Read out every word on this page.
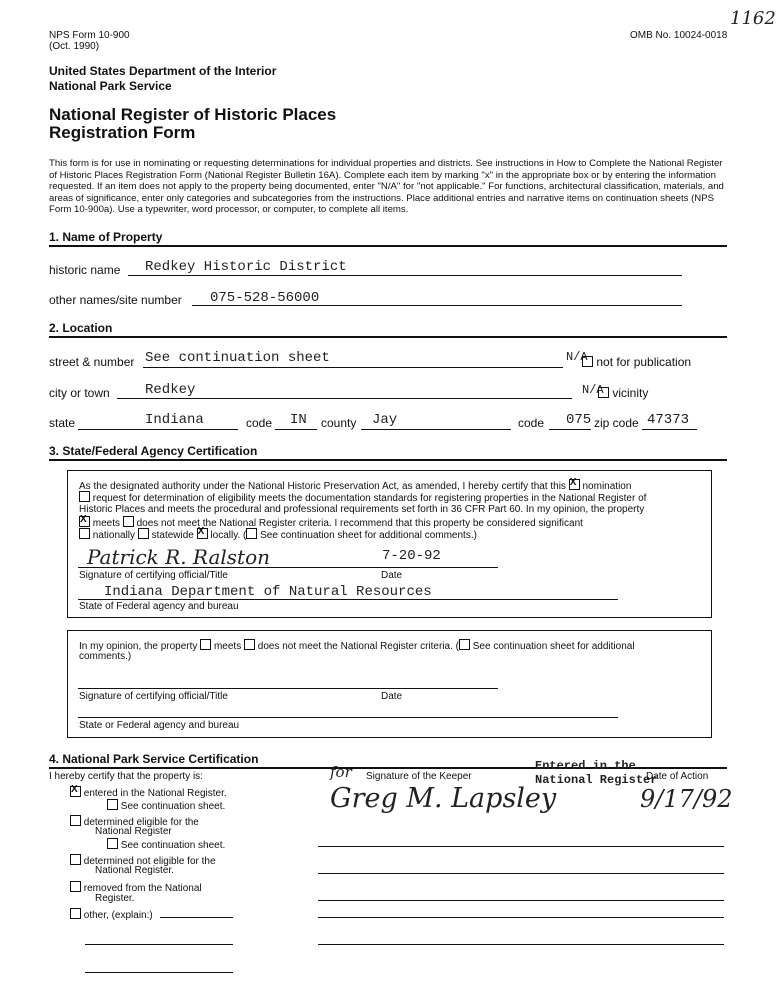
NPS Form 10-900
(Oct. 1990)
OMB No. 10024-0018
1162
United States Department of the Interior
National Park Service
National Register of Historic Places
Registration Form
This form is for use in nominating or requesting determinations for individual properties and districts. See instructions in How to Complete the National Register of Historic Places Registration Form (National Register Bulletin 16A). Complete each item by marking "x" in the appropriate box or by entering the information requested. If an item does not apply to the property being documented, enter "N/A" for "not applicable." For functions, architectural classification, materials, and areas of significance, enter only categories and subcategories from the instructions. Place additional entries and narrative items on continuation sheets (NPS Form 10-900a). Use a typewriter, word processor, or computer, to complete all items.
1. Name of Property
historic name Redkey Historic District
other names/site number 075-528-56000
2. Location
street & number See continuation sheet	N/A not for publication
city or town	Redkey	N/A vicinity
state	Indiana	code IN county Jay	code 075 zip code 47373
3. State/Federal Agency Certification
As the designated authority under the National Historic Preservation Act, as amended, I hereby certify that this X nomination
request for determination of eligibility meets the documentation standards for registering properties in the National Register of
Historic Places and meets the procedural and professional requirements set forth in 36 CFR Part 60. In my opinion, the property
X meets does not meet the National Register criteria. I recommend that this property be considered significant
nationally statewide X locally. ( See continuation sheet for additional comments.)
Patrick R. Ralston	7-20-92
Signature of certifying official/Title	Date
Indiana Department of Natural Resources
State of Federal agency and bureau
In my opinion, the property meets does not meet the National Register criteria. ( See continuation sheet for additional
comments.)
Signature of certifying official/Title	Date
State or Federal agency and bureau
4. National Park Service Certification
I hereby certify that the property is:
X entered in the National Register.
See continuation sheet.
determined eligible for the
National Register
See continuation sheet.
determined not eligible for the
National Register.
removed from the National
Register.
other, (explain:)
for Signature of the Keeper
Entered in the
National Register
Date of Action
Greg M. Lapsley	9/17/92
